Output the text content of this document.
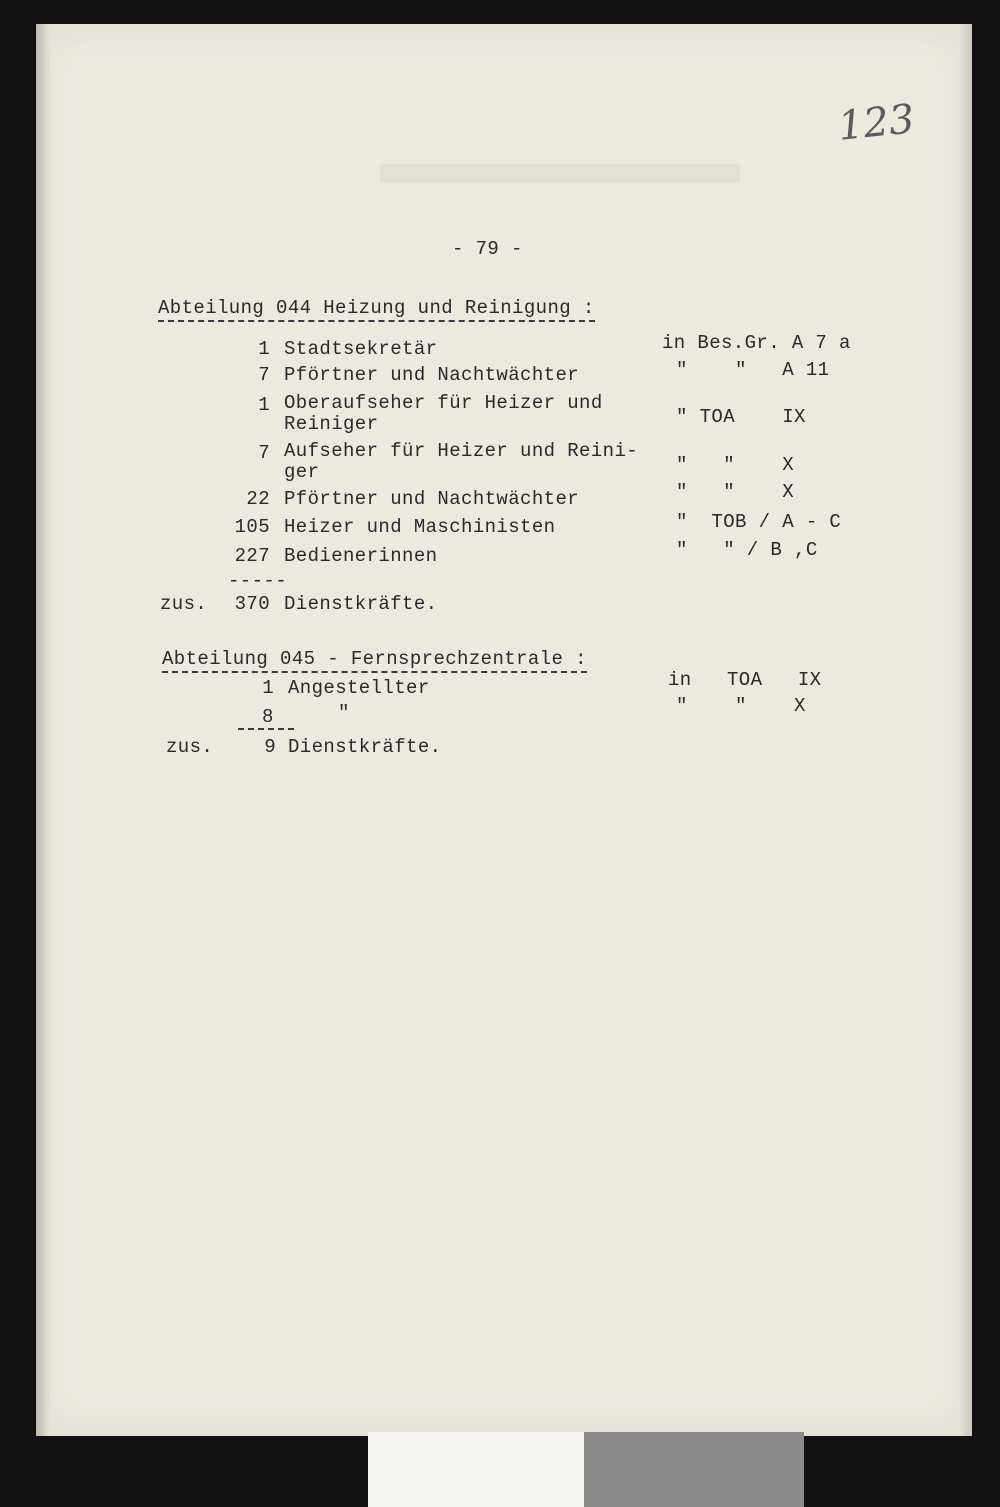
123
- 79 -
Abteilung 044 Heizung und Reinigung :
1 Stadtsekretär	in Bes.Gr. A 7 a
7 Pförtner und Nachtwächter	"    "   A 11
1 Oberaufseher für Heizer und
Reiniger	" TOA    IX
7 Aufseher für Heizer und Reini-
ger	"   "    X
22 Pförtner und Nachtwächter	"   "    X
105 Heizer und Maschinisten	"  TOB / A - C
227 Bedienerinnen	"   " / B ,C
-----
zus.	370 Dienstkräfte.
Abteilung 045 - Fernsprechzentrale :
1 Angestellter	in   TOA   IX
8	"	"    "    X
zus.	9 Dienstkräfte.
